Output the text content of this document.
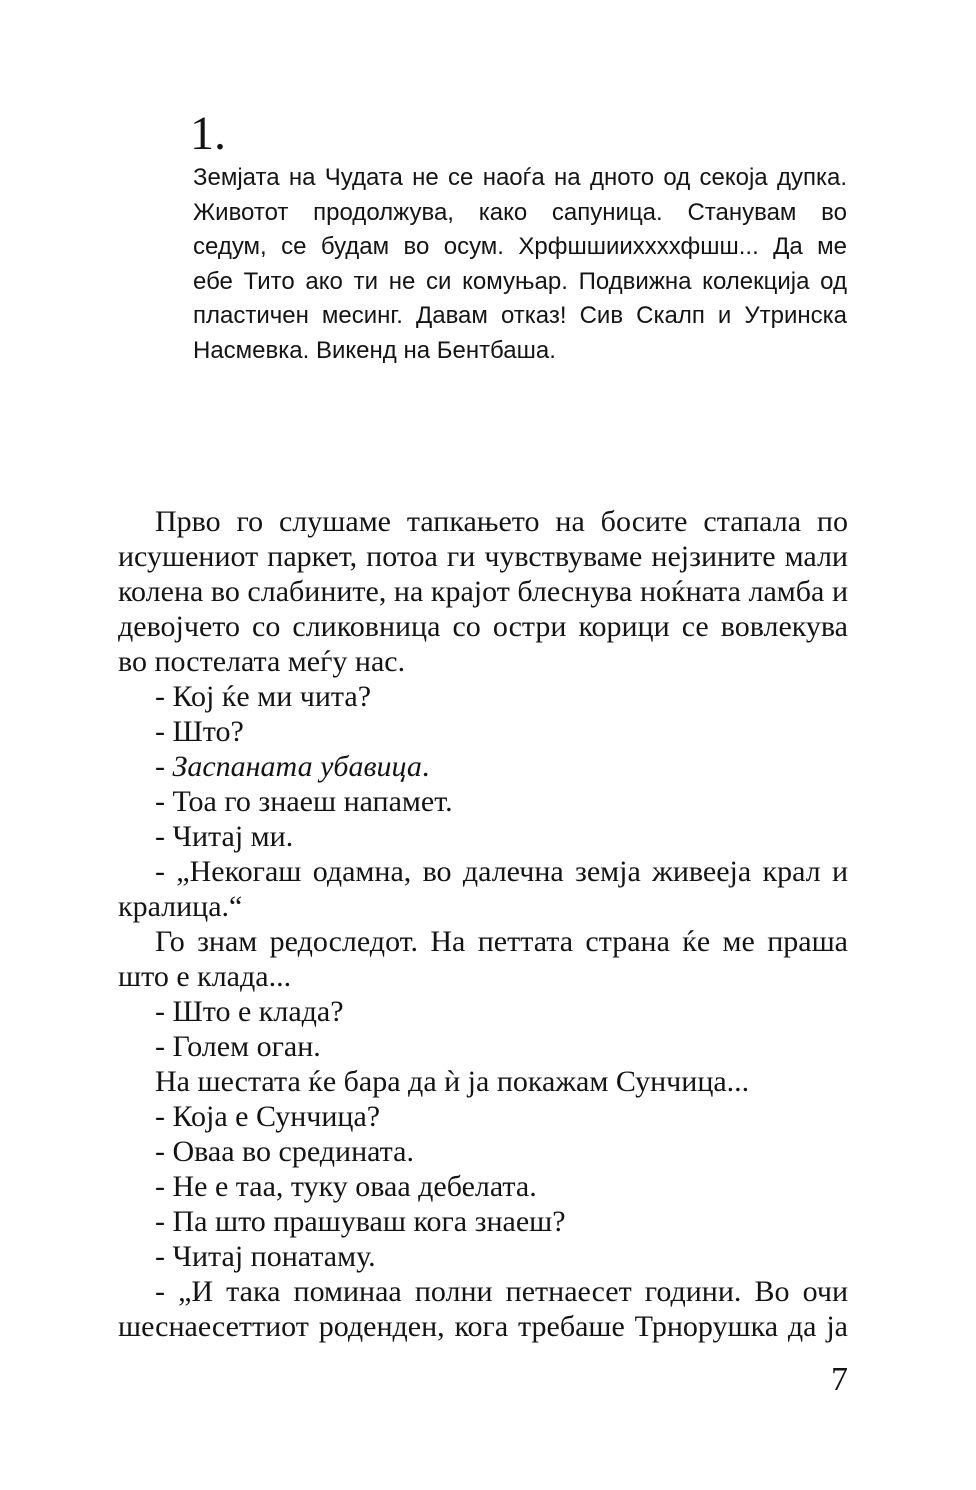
1.
Земјата на Чудата не се наоѓа на дното од секоја дупка.
Животот продолжува, како сапуница. Станувам во
седум, се будам во осум. Хрфшшииххххфшш... Да ме
ебе Тито ако ти не си комуњар. Подвижна колекција од
пластичен месинг. Давам отказ! Сив Скалп и Утринска
Насмевка. Викенд на Бентбаша.
Прво го слушаме тапкањето на босите стапала по
исушениот паркет, потоа ги чувствуваме нејзините мали
колена во слабините, на крајот блеснува ноќната ламба и
девојчето со сликовница со остри корици се вовлекува
во постелата меѓу нас.
- Кој ќе ми чита?
- Што?
- Заспаната убавица.
- Тоа го знаеш напамет.
- Читај ми.
- „Некогаш одамна, во далечна земја живееја крал и
кралица.“
Го знам редоследот. На петтата страна ќе ме праша
што е клада...
- Што е клада?
- Голем оган.
На шестата ќе бара да ѝ ја покажам Сунчица...
- Која е Сунчица?
- Оваа во средината.
- Не е таа, туку оваа дебелата.
- Па што прашуваш кога знаеш?
- Читај понатаму.
- „И така поминаа полни петнаесет години. Во очи
шеснаесеттиот роденден, кога требаше Трнорушка да ја
7
